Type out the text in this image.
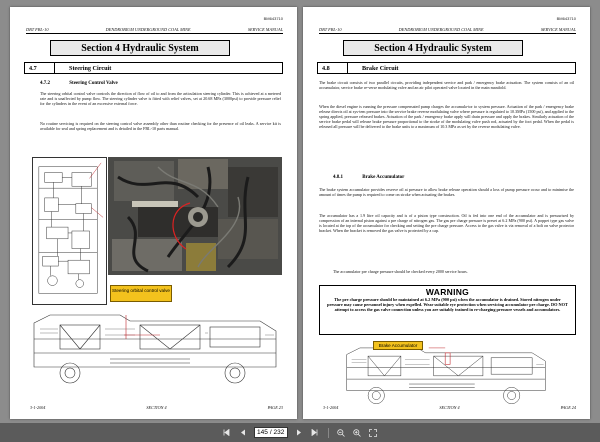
BM643710
DBT FBL-10	DENDROBIUM UNDERGROUND COAL MINE	SERVICE MANUAL
Section 4 Hydraulic System
4.7	Steering Circuit
4.7.2	Steering Control Valve

The steering orbital control valve controls the direction of flow of oil to and from the articulation steering cylinder. This is achieved at a metered rate and is unaffected by pump flow. The steering cylinder valve is fitted with relief valves, set at 20.68 MPa (3000psi) to provide pressure relief for the cylinders in the event of an excessive external force.

No routine servicing is required on the steering control valve assembly other than routine checking for the presence of oil leaks. A service kit is available for seal and spring replacement and is detailed in the FBL-10 parts manual.

Steering orbital control valve
3-1-2004	SECTION 4	PAGE 23
BM643710
DBT FBL-10	DENDROBIUM UNDERGROUND COAL MINE	SERVICE MANUAL
Section 4 Hydraulic System
4.8	Brake Circuit

The brake circuit consists of two parallel circuits, providing independent service and park / emergency brake actuation. The system consists of an oil accumulator, service brake re-verse modulating valve and an air pilot operated valve located in the main manifold.

When the diesel engine is running the pressure compensated pump charges the accumula-tor to system pressure. Actuation of the park / emergency brake release directs oil at sys-tem pressure into the service brake reverse modulating valve where pressure is regulated to 10.3MPa (1500 psi), and applied to the spring applied, pressure released brakes. Actuation of the park / emergency brake apply will drain pressure and apply the brakes. Similarly actuation of the service brake pedal will release brake pressure proportional to the stroke of the modulating valve push rod, actuated by the foot pedal. When the pedal is released all pressure will be delivered to the brake units to a maximum of 10.3 MPa as set by the reverse modulating valve.

4.8.1	Brake Accumulator

The brake system accumulator provides reserve oil at pressure to allow brake release operation should a loss of pump pressure occur and to minimise the amount of times the pump is required to come on stroke when actuating the brakes.

The accumulator has a 1.9 litre oil capacity and is of a piston type construction. Oil is fed into one end of the accumulator and is pressurised by compression of an internal piston against a pre charge of nitrogen gas. The gas pre charge pressure is preset at 6.2 MPa (900 psi). A poppet type gas valve is located at the top of the accumulator for checking and setting the pre charge pressure. Access to the gas valve is via removal of a bolt on valve protector bracket. When the bracket is removed the gas valve is protected by a cap.

The accumulator pre charge pressure should be checked every 2000 service hours.

WARNING
The pre charge pressure should be maintained at 6.2 MPa (900 psi) when the accumulator is drained. Stored nitrogen under pressure may cause personnel injury when expelled. Wear suitable eye protection when servicing accumulator pre charge. DO NOT attempt to access the gas valve connection unless you are suitably trained in re-charging pressure vessels and accumulators.
Brake Accumulator
3-1-2004	SECTION 4	PAGE 24
145 / 232
